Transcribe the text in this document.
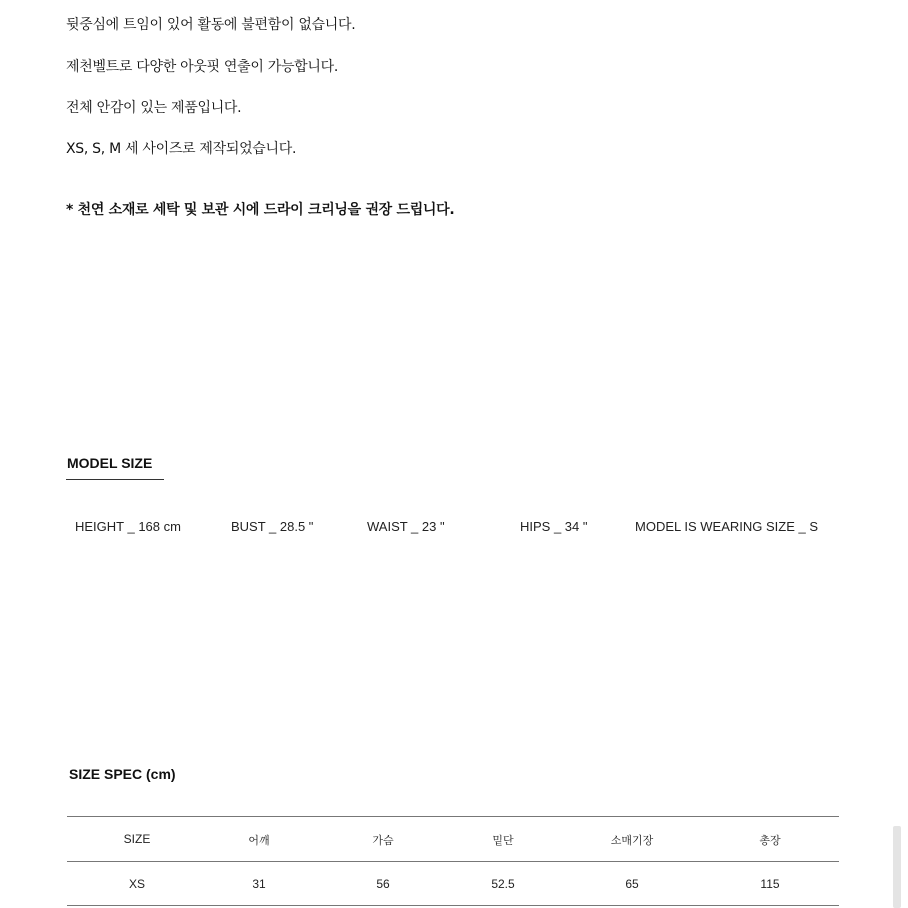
뒷중심에 트임이 있어 활동에 불편함이 없습니다.
제천벨트로 다양한 아웃핏 연출이 가능합니다.
전체 안감이 있는 제품입니다.
XS, S, M 세 사이즈로 제작되었습니다.
* 천연 소재로 세탁 및 보관 시에 드라이 크리닝을 권장 드립니다.
MODEL SIZE
HEIGHT _ 168 cm	BUST _ 28.5 "	WAIST _ 23 "	HIPS _ 34 "	MODEL IS WEARING SIZE _ S
SIZE SPEC (cm)
SIZE	어깨	가슴	밑단	소매기장	총장
XS	31	56	52.5	65	115
